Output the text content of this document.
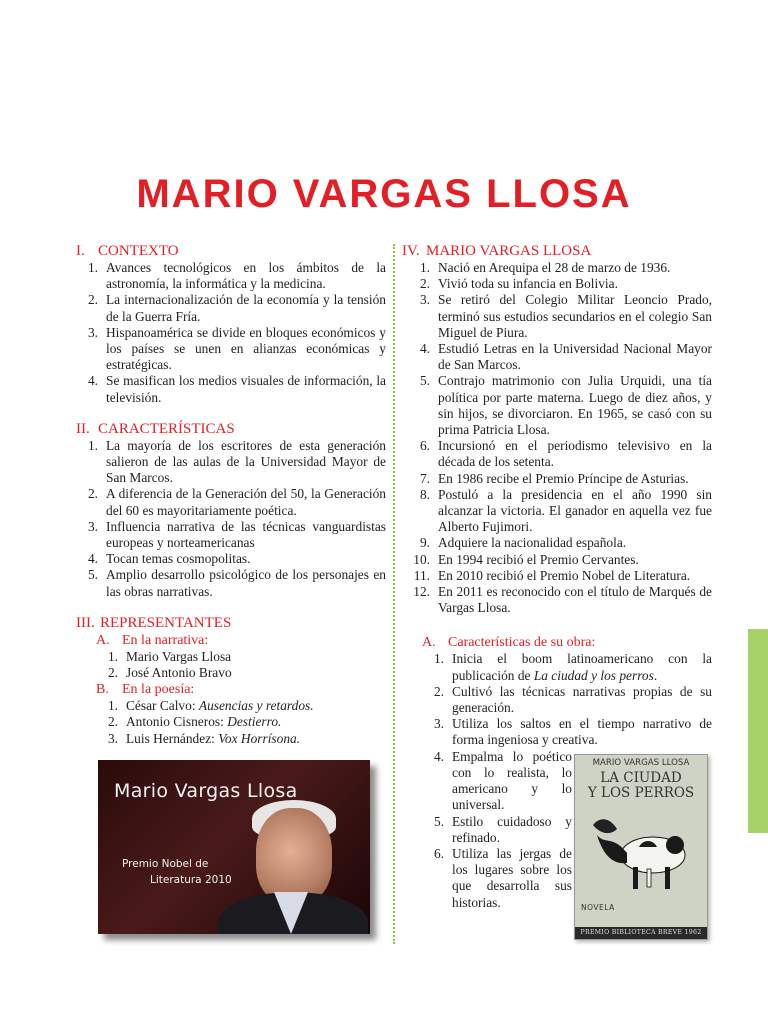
MARIO VARGAS LLOSA
I. CONTEXTO
1. Avances tecnológicos en los ámbitos de la astronomía, la informática y la medicina.
2. La internacionalización de la economía y la tensión de la Guerra Fría.
3. Hispanoamérica se divide en bloques económicos y los países se unen en alianzas económicas y estratégicas.
4. Se masifican los medios visuales de información, la televisión.
II. CARACTERÍSTICAS
1. La mayoría de los escritores de esta generación salieron de las aulas de la Universidad Mayor de San Marcos.
2. A diferencia de la Generación del 50, la Generación del 60 es mayoritariamente poética.
3. Influencia narrativa de las técnicas vanguardistas europeas y norteamericanas
4. Tocan temas cosmopolitas.
5. Amplio desarrollo psicológico de los personajes en las obras narrativas.
III. REPRESENTANTES
A. En la narrativa:
1. Mario Vargas Llosa
2. José Antonio Bravo
B. En la poesía:
1. César Calvo: Ausencias y retardos.
2. Antonio Cisneros: Destierro.
3. Luis Hernández: Vox Horrísona.
Mario Vargas Llosa
Premio Nobel de
Literatura 2010
IV. MARIO VARGAS LLOSA
1. Nació en Arequipa el 28 de marzo de 1936.
2. Vivió toda su infancia en Bolivia.
3. Se retiró del Colegio Militar Leoncio Prado, terminó sus estudios secundarios en el colegio San Miguel de Piura.
4. Estudió Letras en la Universidad Nacional Mayor de San Marcos.
5. Contrajo matrimonio con Julia Urquidi, una tía política por parte materna. Luego de diez años, y sin hijos, se divorciaron. En 1965, se casó con su prima Patricia Llosa.
6. Incursionó en el periodismo televisivo en la década de los setenta.
7. En 1986 recibe el Premio Príncipe de Asturias.
8. Postuló a la presidencia en el año 1990 sin alcanzar la victoria. El ganador en aquella vez fue Alberto Fujimori.
9. Adquiere la nacionalidad española.
10. En 1994 recibió el Premio Cervantes.
11. En 2010 recibió el Premio Nobel de Literatura.
12. En 2011 es reconocido con el título de Marqués de Vargas Llosa.
A. Características de su obra:
1. Inicia el boom latinoamericano con la publicación de La ciudad y los perros.
2. Cultivó las técnicas narrativas propias de su generación.
3. Utiliza los saltos en el tiempo narrativo de forma ingeniosa y creativa.
4. Empalma lo poético con lo realista, lo americano y lo universal.
5. Estilo cuidadoso y refinado.
6. Utiliza las jergas de los lugares sobre los que desarrolla sus historias.
MARIO VARGAS LLOSA
LA CIUDAD
Y LOS PERROS
NOVELA
PREMIO BIBLIOTECA BREVE 1962
